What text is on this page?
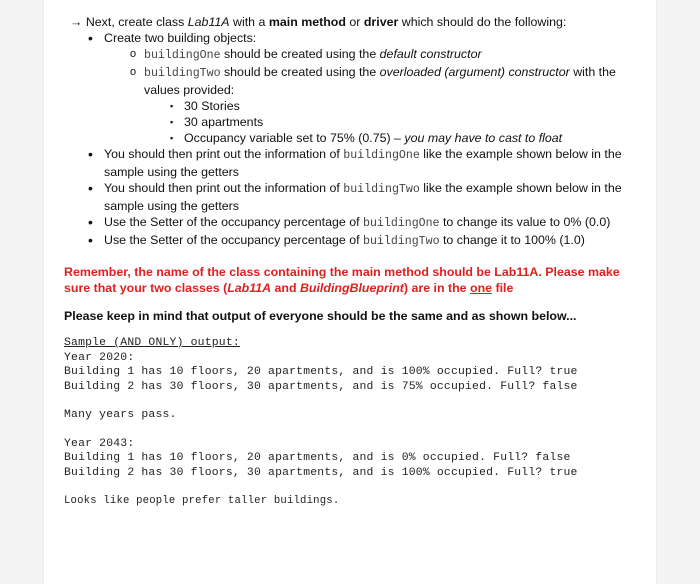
→ Next, create class Lab11A with a main method or driver which should do the following:
• Create two building objects:
o buildingOne should be created using the default constructor
o buildingTwo should be created using the overloaded (argument) constructor with the
values provided:
▪ 30 Stories
▪ 30 apartments
▪ Occupancy variable set to 75% (0.75) – you may have to cast to float
• You should then print out the information of buildingOne like the example shown below in the
sample using the getters
• You should then print out the information of buildingTwo like the example shown below in the
sample using the getters
• Use the Setter of the occupancy percentage of buildingOne to change its value to 0% (0.0)
• Use the Setter of the occupancy percentage of buildingTwo to change it to 100% (1.0)
Remember, the name of the class containing the main method should be Lab11A. Please make
sure that your two classes (Lab11A and BuildingBlueprint) are in the one file
Please keep in mind that output of everyone should be the same and as shown below...
Sample (AND ONLY) output:
Year 2020:
Building 1 has 10 floors, 20 apartments, and is 100% occupied. Full? true
Building 2 has 30 floors, 30 apartments, and is 75% occupied. Full? false
Many years pass.
Year 2043:
Building 1 has 10 floors, 20 apartments, and is 0% occupied. Full? false
Building 2 has 30 floors, 30 apartments, and is 100% occupied. Full? true
Looks like people prefer taller buildings.
